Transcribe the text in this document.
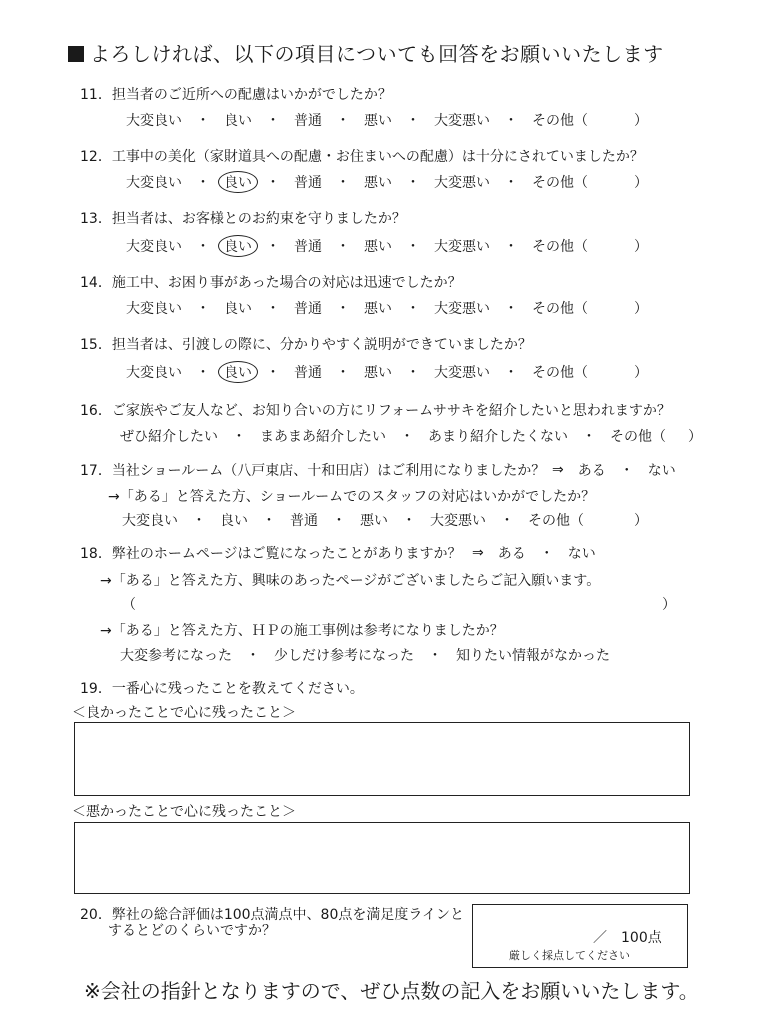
よろしければ、以下の項目についても回答をお願いいたします
11．担当者のご近所への配慮はいかがでしたか？
大変良い ・ 良い ・ 普通 ・ 悪い ・ 大変悪い ・ その他（	）
12．工事中の美化（家財道具への配慮・お住まいへの配慮）は十分にされていましたか？
大変良い ・	良い	・ 普通 ・ 悪い ・ 大変悪い ・ その他（	）
13．担当者は、お客様とのお約束を守りましたか？
大変良い ・	良い	・ 普通 ・ 悪い ・ 大変悪い ・ その他（	）
14．施工中、お困り事があった場合の対応は迅速でしたか？
大変良い ・ 良い ・ 普通 ・ 悪い ・ 大変悪い ・ その他（	）
15．担当者は、引渡しの際に、分かりやすく説明ができていましたか？
大変良い ・	良い	・ 普通 ・ 悪い ・ 大変悪い ・ その他（	）
16．ご家族やご友人など、お知り合いの方にリフォームササキを紹介したいと思われますか？
ぜひ紹介したい ・ まあまあ紹介したい ・ あまり紹介したくない ・ その他（ ）
17．当社ショールーム（八戸東店、十和田店）はご利用になりましたか？ ⇒ ある ・ ない
→「ある」と答えた方、ショールームでのスタッフの対応はいかがでしたか？
大変良い ・ 良い ・ 普通 ・ 悪い ・ 大変悪い ・ その他（	）
18．弊社のホームページはご覧になったことがありますか？ ⇒ ある ・ ない
→「ある」と答えた方、興味のあったページがございましたらご記入願います。
（	）
→「ある」と答えた方、ＨＰの施工事例は参考になりましたか？
大変参考になった ・ 少しだけ参考になった ・ 知りたい情報がなかった
19．一番心に残ったことを教えてください。
＜良かったことで心に残ったこと＞
＜悪かったことで心に残ったこと＞
20．弊社の総合評価は100点満点中、80点を満足度ラインと
するとどのくらいですか？	／　100点
厳しく採点してください
※会社の指針となりますので、ぜひ点数の記入をお願いいたします。
